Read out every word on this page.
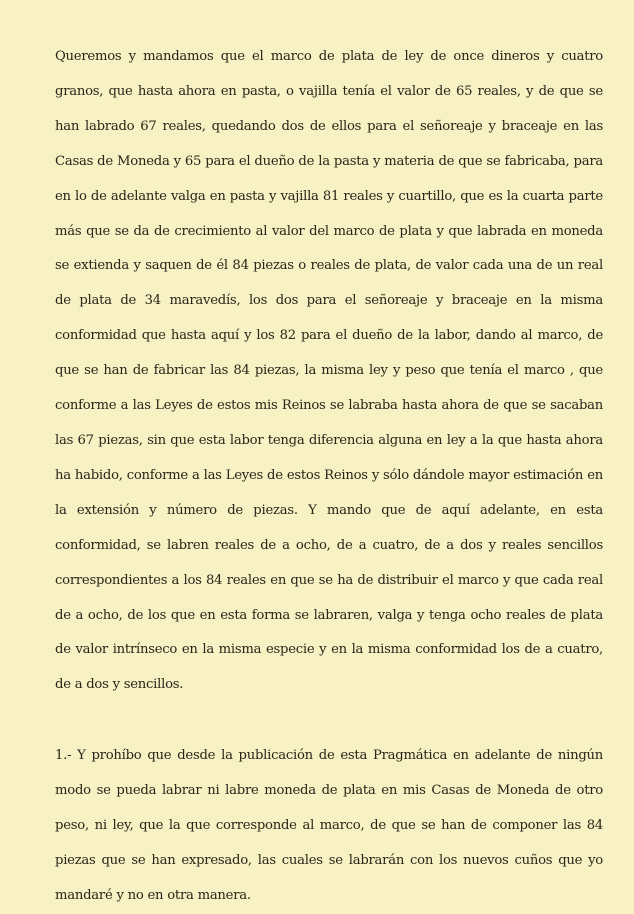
Queremos y mandamos que el marco de plata de ley de once dineros y cuatro granos, que hasta ahora en pasta, o vajilla tenía el valor de 65 reales, y de que se han labrado 67 reales, quedando dos de ellos para el señoreaje y braceaje en las Casas de Moneda y 65 para el dueño de la pasta y materia de que se fabricaba, para en lo de adelante valga en pasta y vajilla 81 reales y cuartillo, que es la cuarta parte más que se da de crecimiento al valor del marco de plata y que labrada en moneda se extienda y saquen de él 84 piezas o reales de plata, de valor cada una de un real de plata de 34 maravedís, los dos para el señoreaje y braceaje en la misma conformidad que hasta aquí y los 82 para el dueño de la labor, dando al marco, de que se han de fabricar las 84 piezas, la misma ley y peso que tenía el marco , que conforme a las Leyes de estos mis Reinos se labraba hasta ahora de que se sacaban las 67 piezas, sin que esta labor tenga diferencia alguna en ley a la que hasta ahora ha habido, conforme a las Leyes de estos Reinos y sólo dándole mayor estimación en la extensión y número de piezas. Y mando que de aquí adelante, en esta conformidad, se labren reales de a ocho, de a cuatro, de a dos y reales sencillos correspondientes a los 84 reales en que se ha de distribuir el marco y que cada real de a ocho, de los que en esta forma se labraren, valga y tenga ocho reales de plata de valor intrínseco en la misma especie y en la misma conformidad los de a cuatro, de a dos y sencillos.

1.- Y prohíbo que desde la publicación de esta Pragmática en adelante de ningún modo se pueda labrar ni labre moneda de plata en mis Casas de Moneda de otro peso, ni ley, que la que corresponde al marco, de que se han de componer las 84 piezas que se han expresado, las cuales se labrarán con los nuevos cuños que yo mandaré y no en otra manera.
